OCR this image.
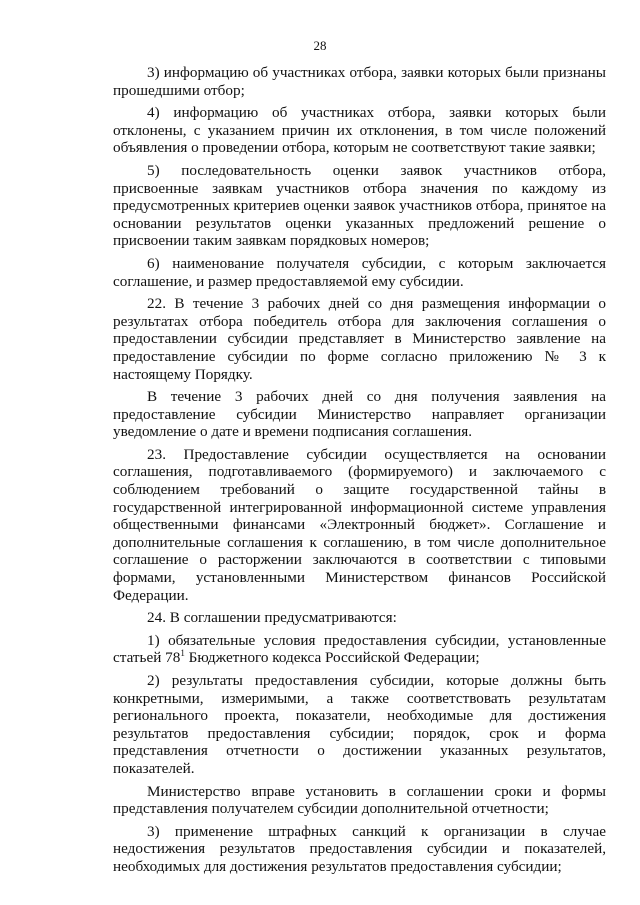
28

3) информацию об участниках отбора, заявки которых были признаны прошедшими отбор;

4) информацию об участниках отбора, заявки которых были отклонены, с указанием причин их отклонения, в том числе положений объявления о проведении отбора, которым не соответствуют такие заявки;

5) последовательность оценки заявок участников отбора, присвоенные заявкам участников отбора значения по каждому из предусмотренных критериев оценки заявок участников отбора, принятое на основании результатов оценки указанных предложений решение о присвоении таким заявкам порядковых номеров;

6) наименование получателя субсидии, с которым заключается соглашение, и размер предоставляемой ему субсидии.

22. В течение 3 рабочих дней со дня размещения информации о результатах отбора победитель отбора для заключения соглашения о предоставлении субсидии представляет в Министерство заявление на предоставление субсидии по форме согласно приложению № 3 к настоящему Порядку.

В течение 3 рабочих дней со дня получения заявления на предоставление субсидии Министерство направляет организации уведомление о дате и времени подписания соглашения.

23. Предоставление субсидии осуществляется на основании соглашения, подготавливаемого (формируемого) и заключаемого с соблюдением требований о защите государственной тайны в государственной интегрированной информационной системе управления общественными финансами «Электронный бюджет». Соглашение и дополнительные соглашения к соглашению, в том числе дополнительное соглашение о расторжении заключаются в соответствии с типовыми формами, установленными Министерством финансов Российской Федерации.

24. В соглашении предусматриваются:

1) обязательные условия предоставления субсидии, установленные статьей $78^1$ Бюджетного кодекса Российской Федерации;

2) результаты предоставления субсидии, которые должны быть конкретными, измеримыми, а также соответствовать результатам регионального проекта, показатели, необходимые для достижения результатов предоставления субсидии; порядок, срок и форма представления отчетности о достижении указанных результатов, показателей.

Министерство вправе установить в соглашении сроки и формы представления получателем субсидии дополнительной отчетности;

3) применение штрафных санкций к организации в случае недостижения результатов предоставления субсидии и показателей, необходимых для достижения результатов предоставления субсидии;
